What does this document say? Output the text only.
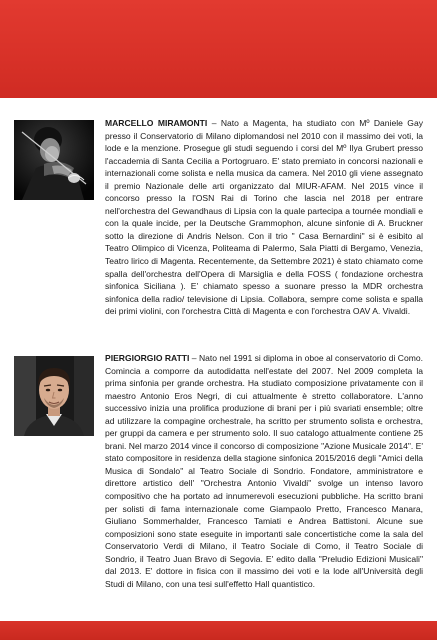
MARCELLO MIRAMONTI – Nato a Magenta, ha studiato con Mº Daniele Gay presso il Conservatorio di Milano diplomandosi nel 2010 con il massimo dei voti, la lode e la menzione. Prosegue gli studi seguendo i corsi del Mº Ilya Grubert presso l'accademia di Santa Cecilia a Portogruaro. E' stato premiato in concorsi nazionali e internazionali come solista e nella musica da camera. Nel 2010 gli viene assegnato il premio Nazionale delle arti organizzato dal MIUR-AFAM. Nel 2015 vince il concorso presso la l'OSN Rai di Torino che lascia nel 2018 per entrare nell'orchestra del Gewandhaus di Lipsia con la quale partecipa a tournée mondiali e con la quale incide, per la Deutsche Grammophon, alcune sinfonie di A. Bruckner sotto la direzione di Andris Nelson. Con il trio " Casa Bernardini" si è esibito al Teatro Olimpico di Vicenza, Politeama di Palermo, Sala Piatti di Bergamo, Venezia, Teatro lirico di Magenta. Recentemente, da Settembre 2021) è stato chiamato come spalla dell'orchestra dell'Opera di Marsiglia e della FOSS ( fondazione orchestra sinfonica Siciliana ). E' chiamato spesso a suonare presso la MDR orchestra sinfonica della radio/ televisione di Lipsia. Collabora, sempre come solista e spalla dei primi violini, con l'orchestra Città di Magenta e con l'orchestra OAV A. Vivaldi.

PIERGIORGIO RATTI – Nato nel 1991 si diploma in oboe al conservatorio di Como. Comincia a comporre da autodidatta nell'estate del 2007. Nel 2009 completa la prima sinfonia per grande orchestra. Ha studiato composizione privatamente con il maestro Antonio Eros Negri, di cui attualmente è stretto collaboratore. L'anno successivo inizia una prolifica produzione di brani per i più svariati ensemble; oltre ad utilizzare la compagine orchestrale, ha scritto per strumento solista e orchestra, per gruppi da camera e per strumento solo. Il suo catalogo attualmente contiene 25 brani. Nel marzo 2014 vince il concorso di composizione "Azione Musicale 2014". E' stato compositore in residenza della stagione sinfonica 2015/2016 degli "Amici della Musica di Sondalo" al Teatro Sociale di Sondrio. Fondatore, amministratore e direttore artistico dell' "Orchestra Antonio Vivaldi" svolge un intenso lavoro compositivo che ha portato ad innumerevoli esecuzioni pubbliche. Ha scritto brani per solisti di fama internazionale come Giampaolo Pretto, Francesco Manara, Giuliano Sommerhalder, Francesco Tamiati e Andrea Battistoni. Alcune sue composizioni sono state eseguite in importanti sale concertistiche come la sala del Conservatorio Verdi di Milano, il Teatro Sociale di Como, il Teatro Sociale di Sondrio, il Teatro Juan Bravo di Segovia. E' edito dalla "Preludio Edizioni Musicali" dal 2013. E' dottore in fisica con il massimo dei voti e la lode all'Università degli Studi di Milano, con una tesi sull'effetto Hall quantistico.
